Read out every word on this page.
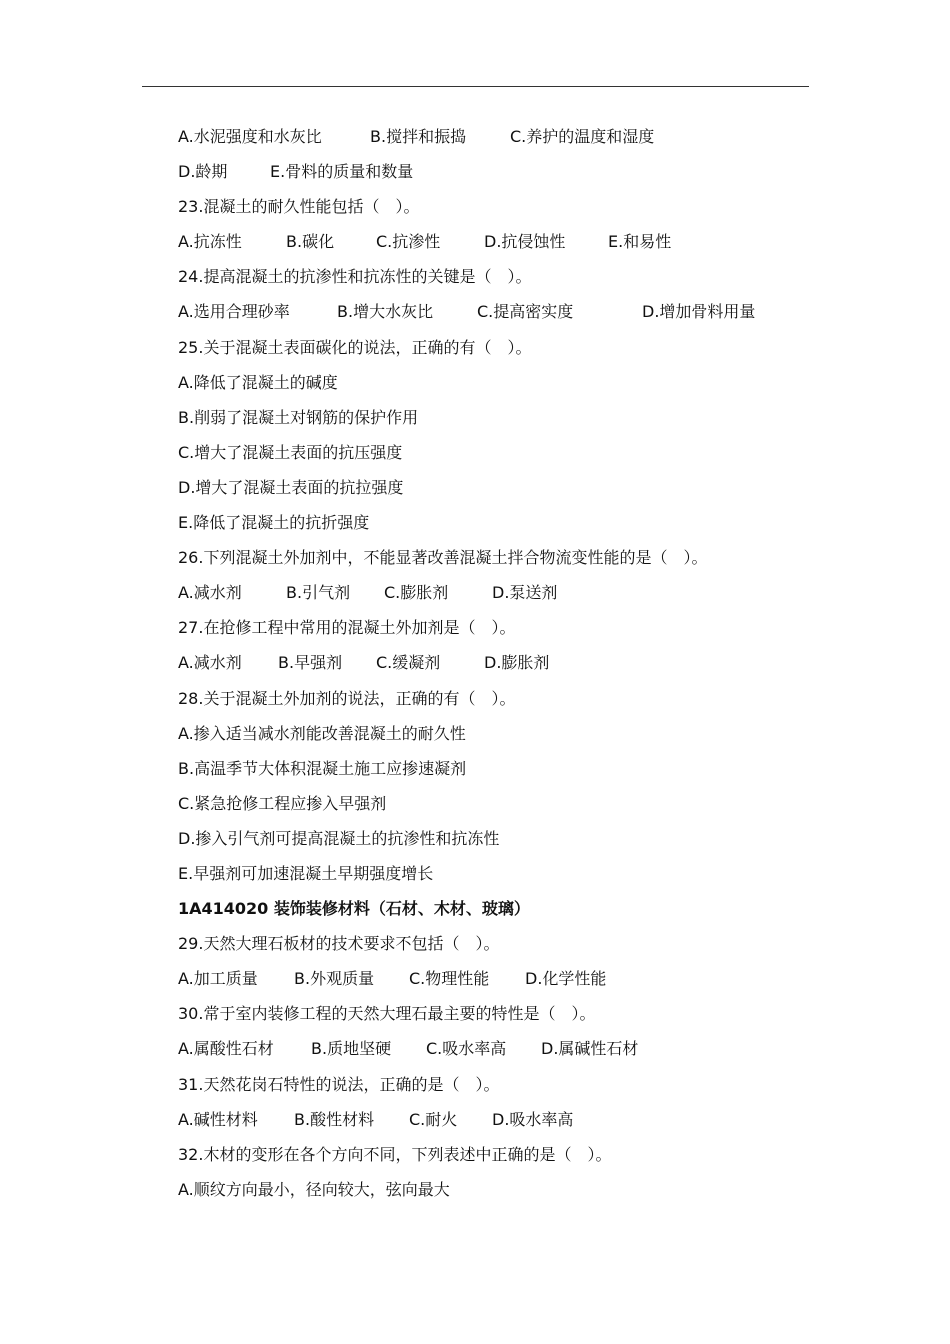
A.水泥强度和水灰比	B.搅拌和振捣	C.养护的温度和湿度
D.龄期	E.骨料的质量和数量
23.混凝土的耐久性能包括（　）。
A.抗冻性	B.碳化	C.抗渗性	D.抗侵蚀性	E.和易性
24.提高混凝土的抗渗性和抗冻性的关键是（　）。
A.选用合理砂率	B.增大水灰比	C.提高密实度	D.增加骨料用量
25.关于混凝土表面碳化的说法，正确的有（　）。
A.降低了混凝土的碱度
B.削弱了混凝土对钢筋的保护作用
C.增大了混凝土表面的抗压强度
D.增大了混凝土表面的抗拉强度
E.降低了混凝土的抗折强度
26.下列混凝土外加剂中，不能显著改善混凝土拌合物流变性能的是（　）。
A.减水剂	B.引气剂 C.膨胀剂	D.泵送剂
27.在抢修工程中常用的混凝土外加剂是（　）。
A.减水剂 B.早强剂 C.缓凝剂	D.膨胀剂
28.关于混凝土外加剂的说法，正确的有（　）。
A.掺入适当减水剂能改善混凝土的耐久性
B.高温季节大体积混凝土施工应掺速凝剂
C.紧急抢修工程应掺入早强剂
D.掺入引气剂可提高混凝土的抗渗性和抗冻性
E.早强剂可加速混凝土早期强度增长
1A414020 装饰装修材料（石材、木材、玻璃）
29.天然大理石板材的技术要求不包括（　）。
A.加工质量 B.外观质量 C.物理性能 D.化学性能
30.常于室内装修工程的天然大理石最主要的特性是（　）。
A.属酸性石材 B.质地坚硬 C.吸水率高 D.属碱性石材
31.天然花岗石特性的说法，正确的是（　）。
A.碱性材料 B.酸性材料 C.耐火 D.吸水率高
32.木材的变形在各个方向不同，下列表述中正确的是（　）。
A.顺纹方向最小，径向较大，弦向最大
